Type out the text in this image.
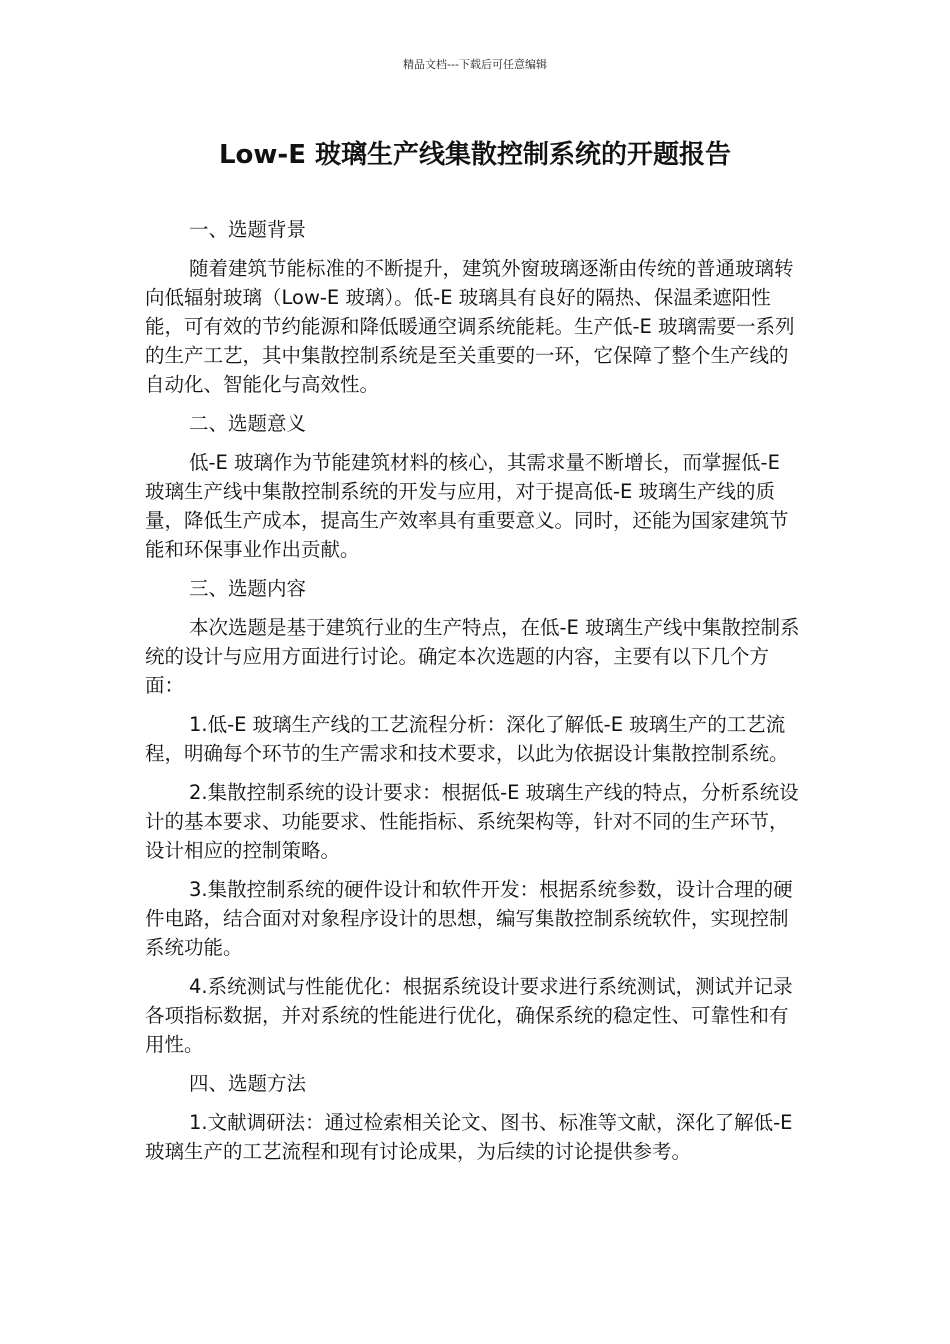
精品文档---下载后可任意编辑
Low-E 玻璃生产线集散控制系统的开题报告
一、选题背景

随着建筑节能标准的不断提升，建筑外窗玻璃逐渐由传统的普通玻璃转向低辐射玻璃（Low-E 玻璃）。低-E 玻璃具有良好的隔热、保温柔遮阳性能，可有效的节约能源和降低暖通空调系统能耗。生产低-E 玻璃需要一系列的生产工艺，其中集散控制系统是至关重要的一环，它保障了整个生产线的自动化、智能化与高效性。

二、选题意义

低-E 玻璃作为节能建筑材料的核心，其需求量不断增长，而掌握低-E 玻璃生产线中集散控制系统的开发与应用，对于提高低-E 玻璃生产线的质量，降低生产成本，提高生产效率具有重要意义。同时，还能为国家建筑节能和环保事业作出贡献。

三、选题内容

本次选题是基于建筑行业的生产特点，在低-E 玻璃生产线中集散控制系统的设计与应用方面进行讨论。确定本次选题的内容，主要有以下几个方面：

1.低-E 玻璃生产线的工艺流程分析：深化了解低-E 玻璃生产的工艺流程，明确每个环节的生产需求和技术要求，以此为依据设计集散控制系统。

2.集散控制系统的设计要求：根据低-E 玻璃生产线的特点，分析系统设计的基本要求、功能要求、性能指标、系统架构等，针对不同的生产环节，设计相应的控制策略。

3.集散控制系统的硬件设计和软件开发：根据系统参数，设计合理的硬件电路，结合面对对象程序设计的思想，编写集散控制系统软件，实现控制系统功能。

4.系统测试与性能优化：根据系统设计要求进行系统测试，测试并记录各项指标数据，并对系统的性能进行优化，确保系统的稳定性、可靠性和有用性。

四、选题方法

1.文献调研法：通过检索相关论文、图书、标准等文献，深化了解低-E 玻璃生产的工艺流程和现有讨论成果，为后续的讨论提供参考。
